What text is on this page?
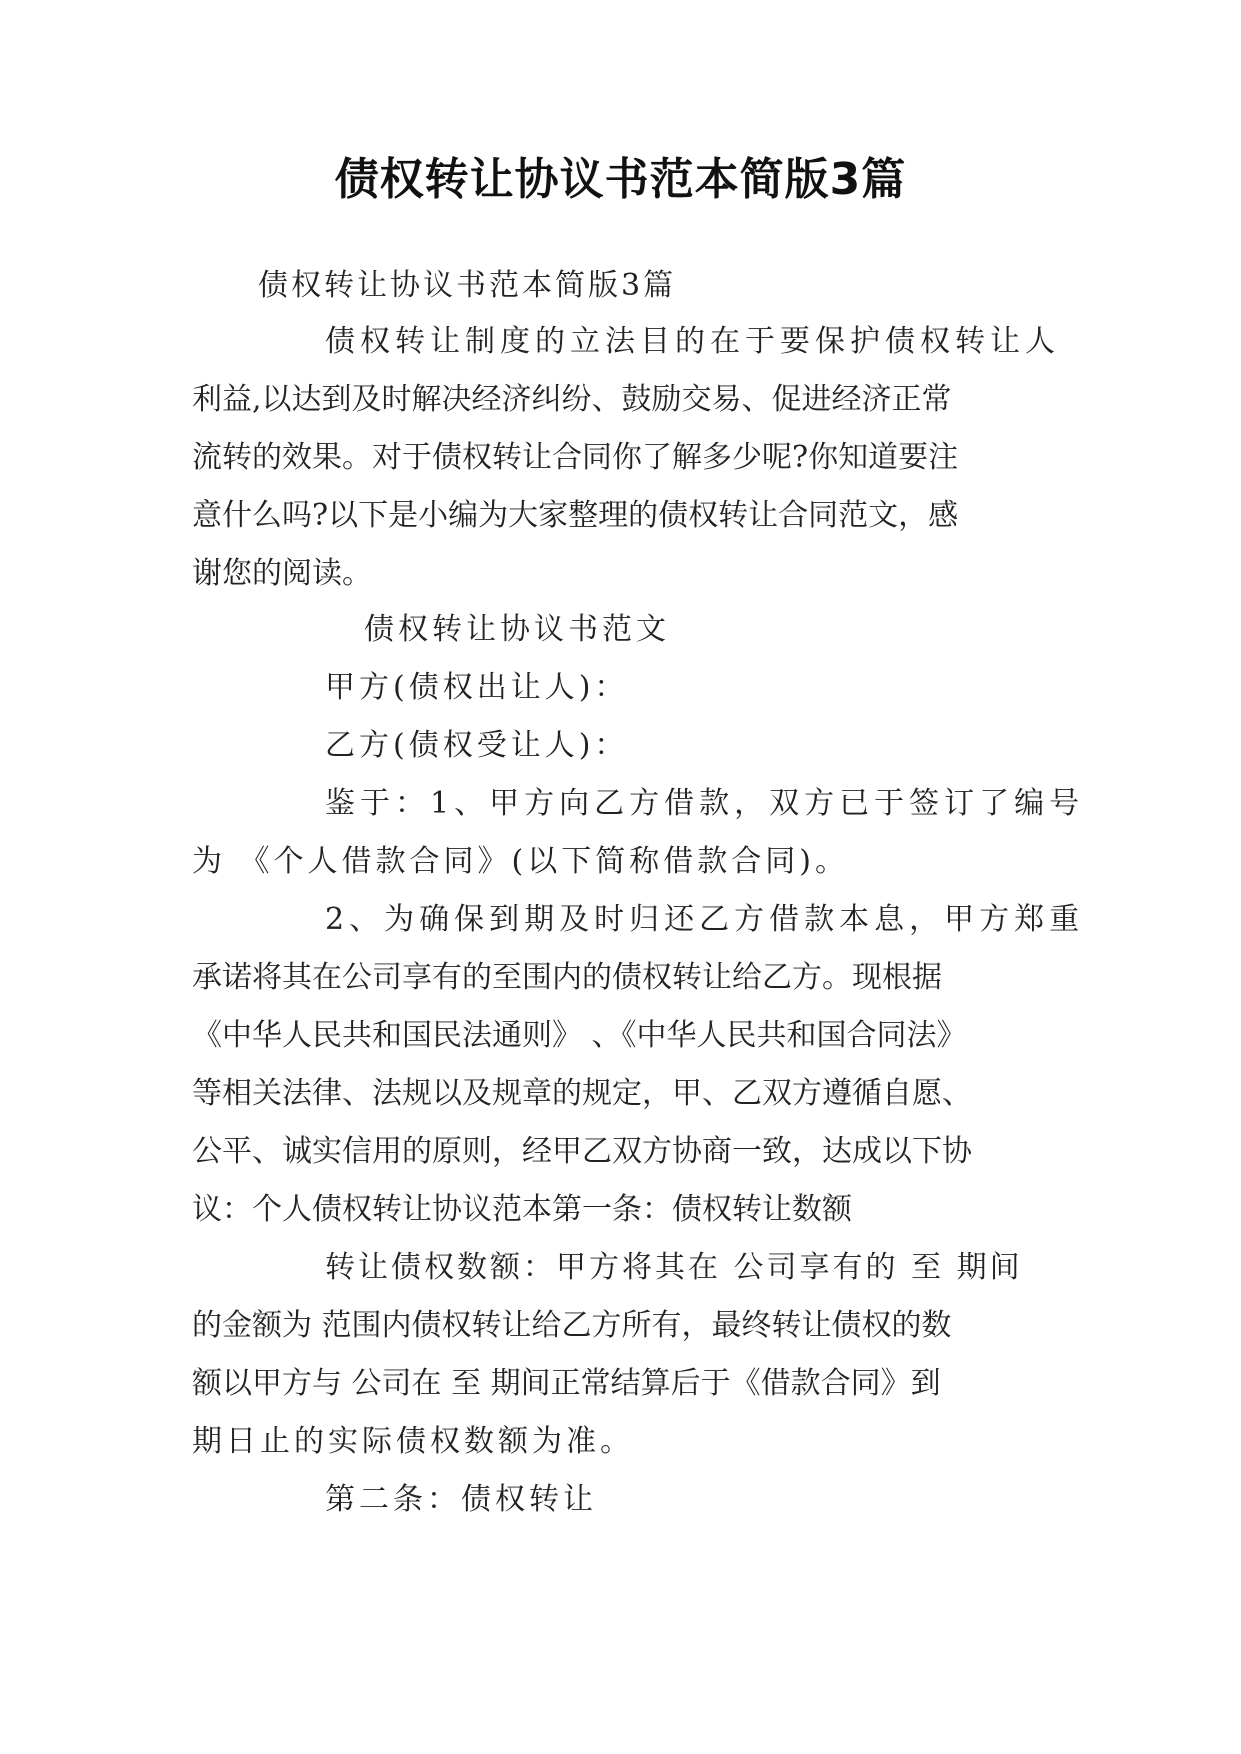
债权转让协议书范本简版3篇

债权转让协议书范本简版3篇

债权转让制度的立法目的在于要保护债权转让人

利益,以达到及时解决经济纠纷、鼓励交易、促进经济正常

流转的效果。对于债权转让合同你了解多少呢?你知道要注

意什么吗?以下是小编为大家整理的债权转让合同范文，感

谢您的阅读。

债权转让协议书范文

甲方(债权出让人)：

乙方(债权受让人)：

鉴于：1、甲方向乙方借款，双方已于签订了编号

为 《个人借款合同》(以下简称借款合同)。

2、为确保到期及时归还乙方借款本息，甲方郑重

承诺将其在公司享有的至围内的债权转让给乙方。现根据

《中华人民共和国民法通则》 、《中华人民共和国合同法》

等相关法律、法规以及规章的规定，甲、乙双方遵循自愿、

公平、诚实信用的原则，经甲乙双方协商一致，达成以下协

议：个人债权转让协议范本第一条：债权转让数额

转让债权数额：甲方将其在 公司享有的 至 期间

的金额为 范围内债权转让给乙方所有，最终转让债权的数

额以甲方与 公司在 至 期间正常结算后于《借款合同》到

期日止的实际债权数额为准。

第二条：债权转让
